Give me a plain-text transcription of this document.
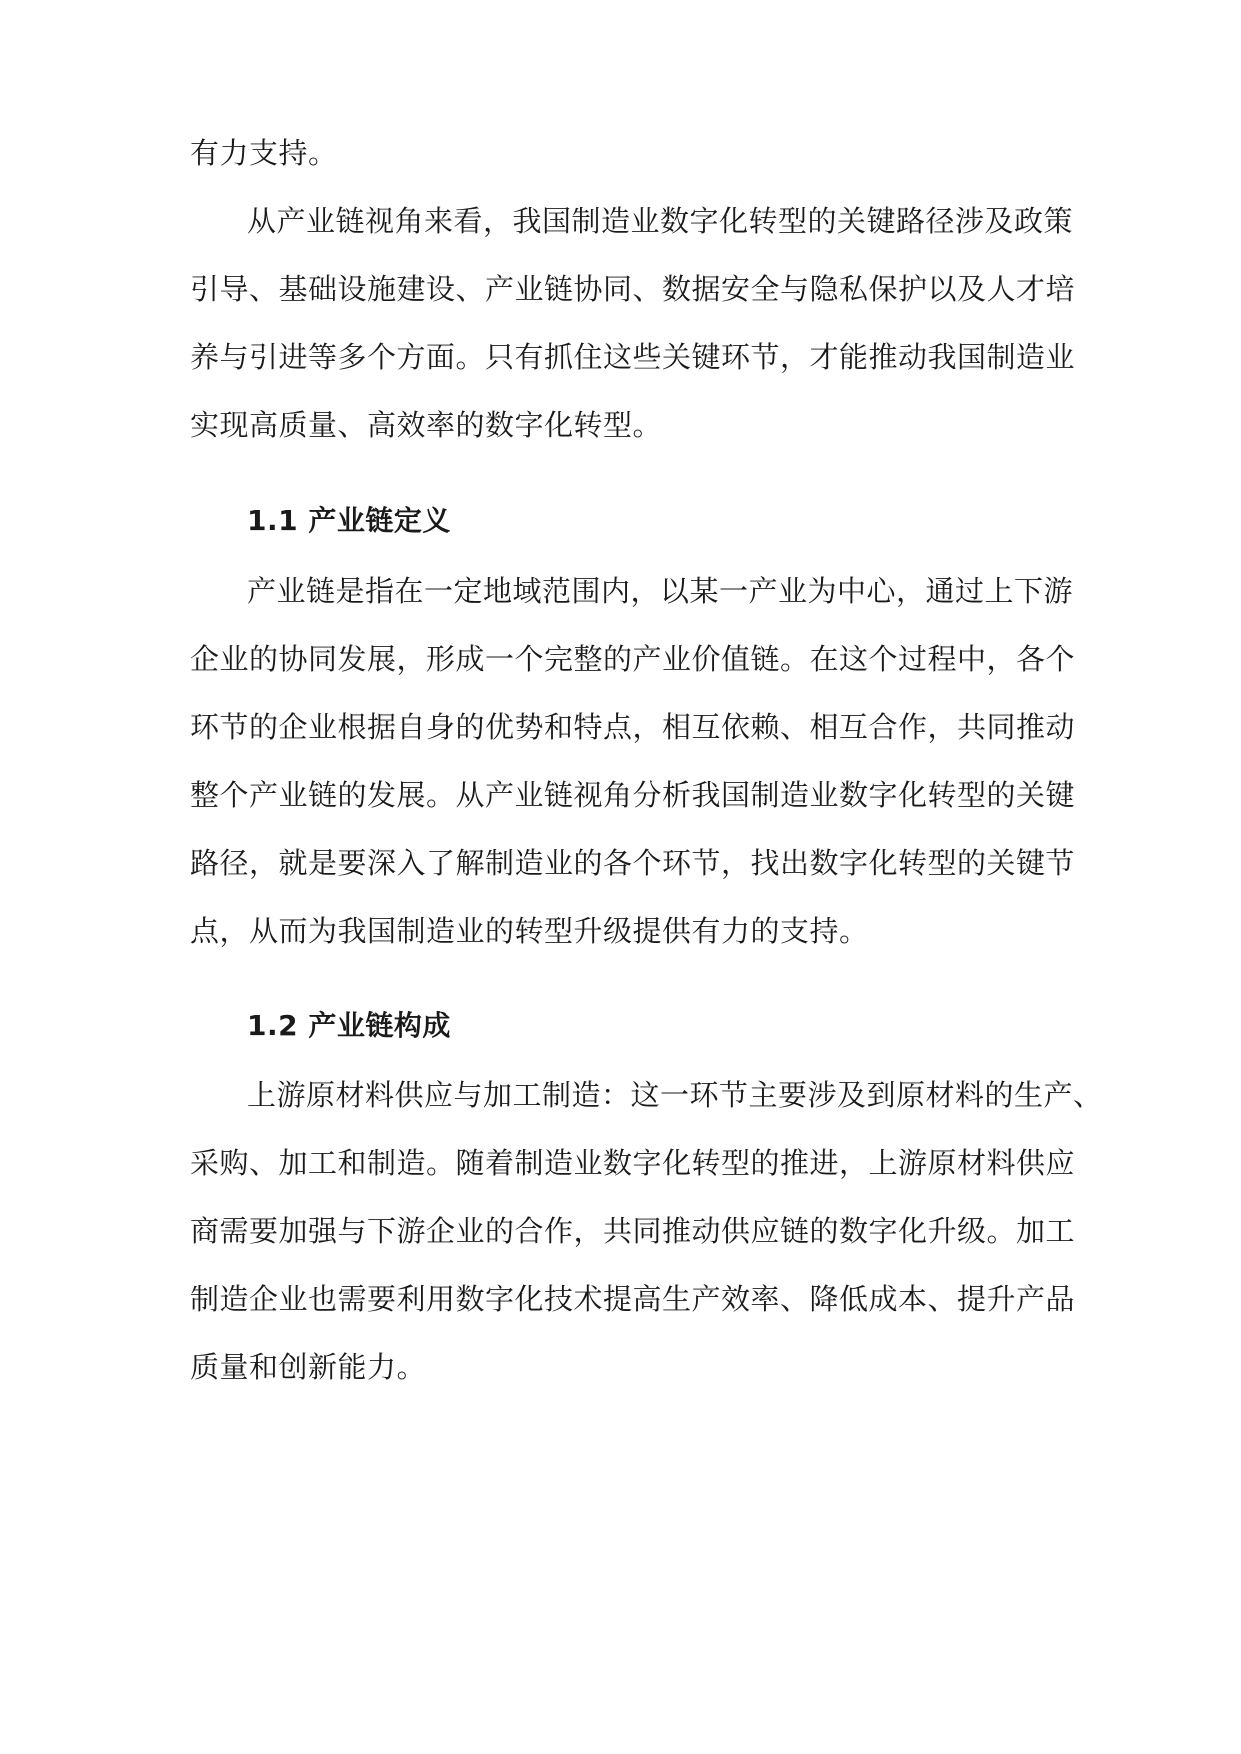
有力支持。
从产业链视角来看，我国制造业数字化转型的关键路径涉及政策
引导、基础设施建设、产业链协同、数据安全与隐私保护以及人才培
养与引进等多个方面。只有抓住这些关键环节，才能推动我国制造业
实现高质量、高效率的数字化转型。
1.1 产业链定义
产业链是指在一定地域范围内，以某一产业为中心，通过上下游
企业的协同发展，形成一个完整的产业价值链。在这个过程中，各个
环节的企业根据自身的优势和特点，相互依赖、相互合作，共同推动
整个产业链的发展。从产业链视角分析我国制造业数字化转型的关键
路径，就是要深入了解制造业的各个环节，找出数字化转型的关键节
点，从而为我国制造业的转型升级提供有力的支持。
1.2 产业链构成
上游原材料供应与加工制造：这一环节主要涉及到原材料的生产、
采购、加工和制造。随着制造业数字化转型的推进，上游原材料供应
商需要加强与下游企业的合作，共同推动供应链的数字化升级。加工
制造企业也需要利用数字化技术提高生产效率、降低成本、提升产品
质量和创新能力。
